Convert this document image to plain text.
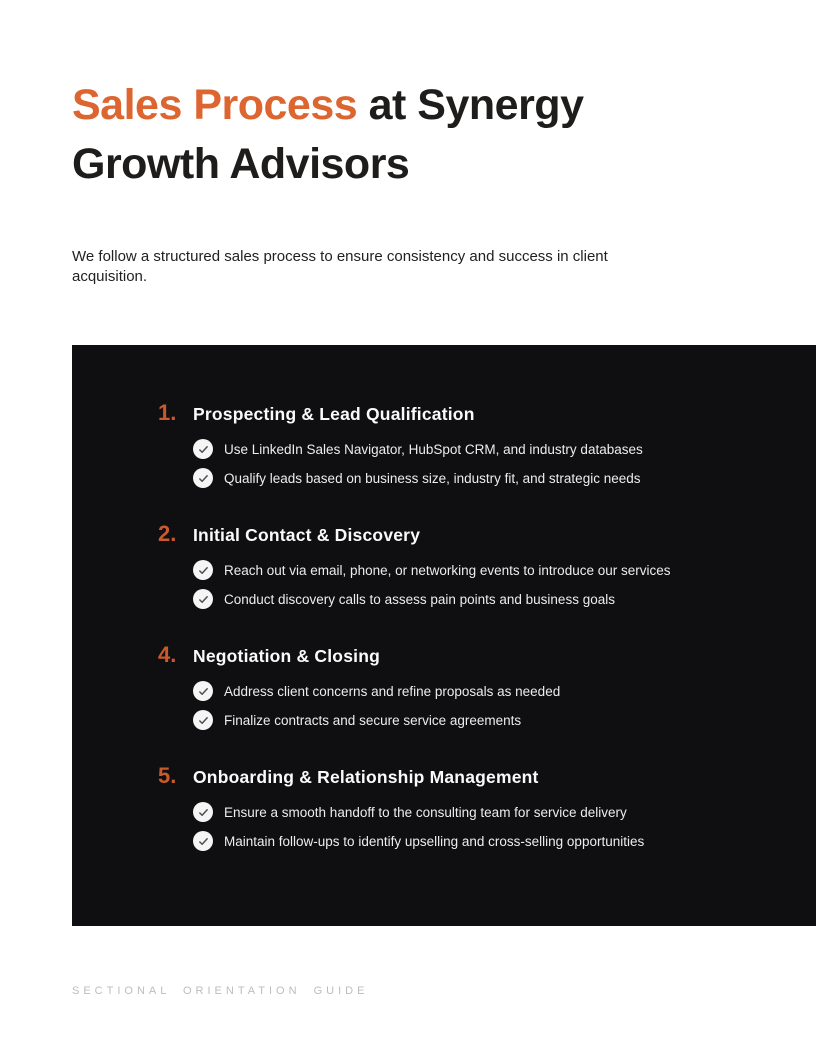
Sales Process at Synergy Growth Advisors

We follow a structured sales process to ensure consistency and success in client acquisition.

1. Prospecting & Lead Qualification
Use LinkedIn Sales Navigator, HubSpot CRM, and industry databases
Qualify leads based on business size, industry fit, and strategic needs
2. Initial Contact & Discovery
Reach out via email, phone, or networking events to introduce our services
Conduct discovery calls to assess pain points and business goals
4. Negotiation & Closing
Address client concerns and refine proposals as needed
Finalize contracts and secure service agreements
5. Onboarding & Relationship Management
Ensure a smooth handoff to the consulting team for service delivery
Maintain follow-ups to identify upselling and cross-selling opportunities
SECTIONAL ORIENTATION GUIDE
